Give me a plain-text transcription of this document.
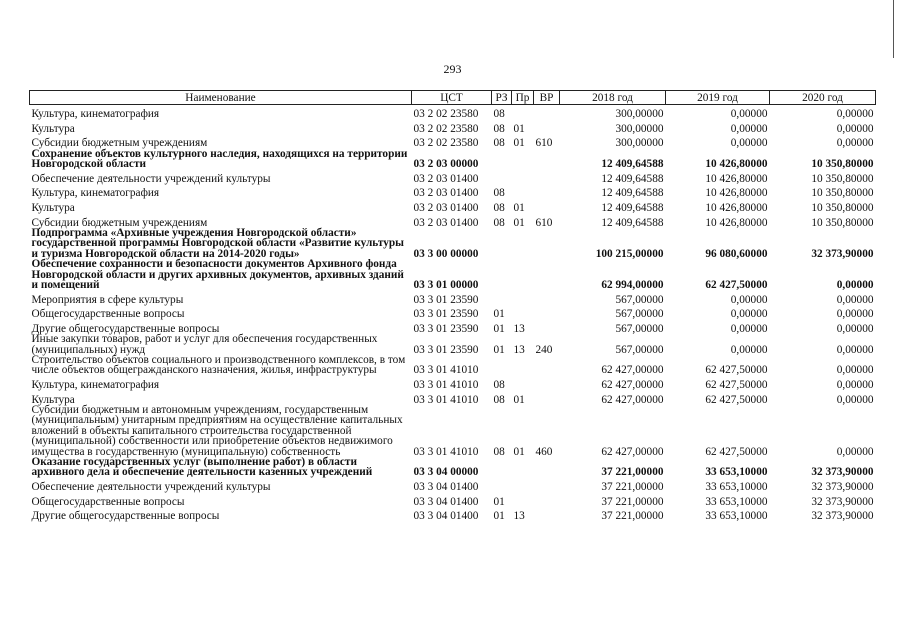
293
Наименование	ЦСТ	РЗ	Пр	ВР	2018 год	2019 год	2020 год
Культура, кинематография	03 2 02 23580	08			300,00000	0,00000	0,00000
Культура	03 2 02 23580	08	01		300,00000	0,00000	0,00000
Субсидии бюджетным учреждениям	03 2 02 23580	08	01	610	300,00000	0,00000	0,00000
Сохранение объектов культурного наследия, находящихся на территории Новгородской области	03 2 03 00000				12 409,64588	10 426,80000	10 350,80000
Обеспечение деятельности учреждений культуры	03 2 03 01400				12 409,64588	10 426,80000	10 350,80000
Культура, кинематография	03 2 03 01400	08			12 409,64588	10 426,80000	10 350,80000
Культура	03 2 03 01400	08	01		12 409,64588	10 426,80000	10 350,80000
Субсидии бюджетным учреждениям	03 2 03 01400	08	01	610	12 409,64588	10 426,80000	10 350,80000
Подпрограмма «Архивные учреждения Новгородской области» государственной программы Новгородской области «Развитие культуры и туризма Новгородской области на 2014-2020 годы»	03 3 00 00000				100 215,00000	96 080,60000	32 373,90000
Обеспечение сохранности и безопасности документов Архивного фонда Новгородской области и других архивных документов, архивных зданий и помещений	03 3 01 00000				62 994,00000	62 427,50000	0,00000
Мероприятия в сфере культуры	03 3 01 23590				567,00000	0,00000	0,00000
Общегосударственные вопросы	03 3 01 23590	01			567,00000	0,00000	0,00000
Другие общегосударственные вопросы	03 3 01 23590	01	13		567,00000	0,00000	0,00000
Иные закупки товаров, работ и услуг для обеспечения государственных (муниципальных) нужд	03 3 01 23590	01	13	240	567,00000	0,00000	0,00000
Строительство объектов социального и производственного комплексов, в том числе объектов общегражданского назначения, жилья, инфраструктуры	03 3 01 41010				62 427,00000	62 427,50000	0,00000
Культура, кинематография	03 3 01 41010	08			62 427,00000	62 427,50000	0,00000
Культура	03 3 01 41010	08	01		62 427,00000	62 427,50000	0,00000
Субсидии бюджетным и автономным учреждениям, государственным (муниципальным) унитарным предприятиям на осуществление капитальных вложений в объекты капитального строительства государственной (муниципальной) собственности или приобретение объектов недвижимого имущества в государственную (муниципальную) собственность	03 3 01 41010	08	01	460	62 427,00000	62 427,50000	0,00000
Оказание государственных услуг (выполнение работ) в области архивного дела и обеспечение деятельности казенных учреждений	03 3 04 00000				37 221,00000	33 653,10000	32 373,90000
Обеспечение деятельности учреждений культуры	03 3 04 01400				37 221,00000	33 653,10000	32 373,90000
Общегосударственные вопросы	03 3 04 01400	01			37 221,00000	33 653,10000	32 373,90000
Другие общегосударственные вопросы	03 3 04 01400	01	13		37 221,00000	33 653,10000	32 373,90000
